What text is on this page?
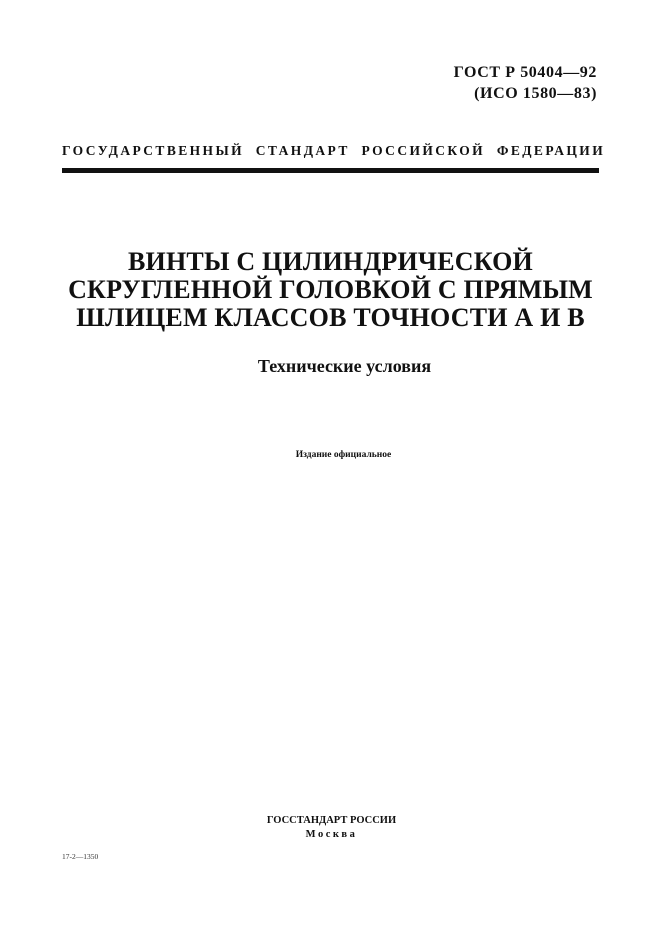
ГОСТ Р 50404—92
(ИСО 1580—83)
ГОСУДАРСТВЕННЫЙ СТАНДАРТ РОССИЙСКОЙ ФЕДЕРАЦИИ
ВИНТЫ С ЦИЛИНДРИЧЕСКОЙ
СКРУГЛЕННОЙ ГОЛОВКОЙ С ПРЯМЫМ
ШЛИЦЕМ КЛАССОВ ТОЧНОСТИ А И В
Технические условия
Издание официальное
ГОССТАНДАРТ РОССИИ
Москва
17-2—1350
